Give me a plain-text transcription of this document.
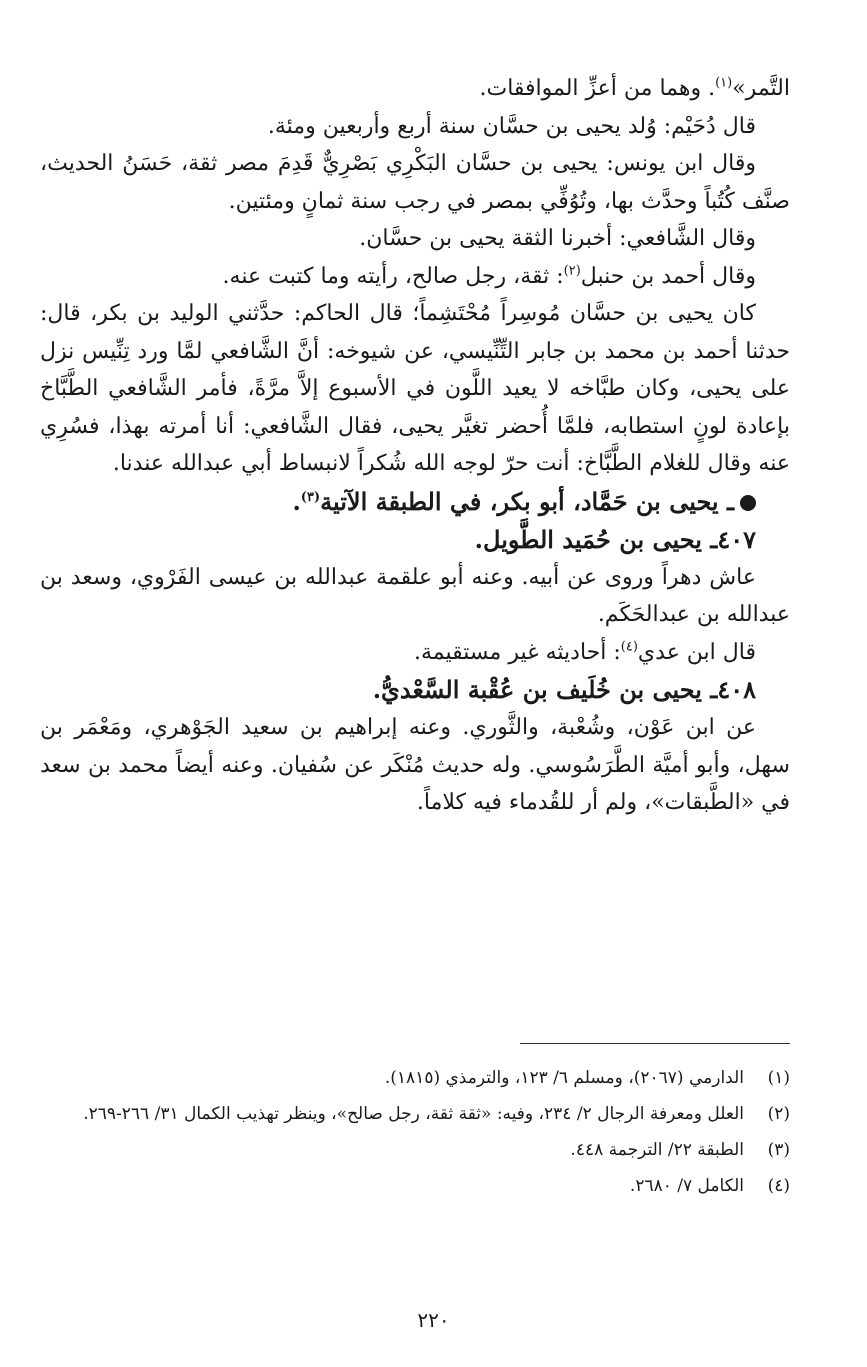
التَّمر»$^{(١)}$. وهما من أعزِّ الموافقات.

قال دُحَيْم: وُلد يحيى بن حسَّان سنة أربع وأربعين ومئة.

وقال ابن يونس: يحيى بن حسَّان البَكْرِي بَصْرِيٌّ قَدِمَ مصر ثقة، حَسَنُ الحديث، صنَّف كُتُباً وحدَّث بها، وتُوُفِّي بمصر في رجب سنة ثمانٍ ومئتين.

وقال الشَّافعي: أخبرنا الثقة يحيى بن حسَّان.

وقال أحمد بن حنبل$^{(٢)}$: ثقة، رجل صالح، رأيته وما كتبت عنه.

كان يحيى بن حسَّان مُوسِراً مُحْتَشِماً؛ قال الحاكم: حدَّثني الوليد بن بكر، قال: حدثنا أحمد بن محمد بن جابر التِّنِّيسي، عن شيوخه: أنَّ الشَّافعي لمَّا ورد تِنِّيس نزل على يحيى، وكان طبَّاخه لا يعيد اللَّون في الأسبوع إلاَّ مرَّةً، فأمر الشَّافعي الطَّبَّاخ بإعادة لونٍ استطابه، فلمَّا أُحضر تغيَّر يحيى، فقال الشَّافعي: أنا أمرته بهذا، فسُرِي عنه وقال للغلام الطَّبَّاخ: أنت حرّ لوجه الله شُكراً لانبساط أبي عبدالله عندنا.

ـ يحيى بن حَمَّاد، أبو بكر، في الطبقة الآتية$^{(٣)}$.

٤٠٧ـ يحيى بن حُمَيد الطَّويل.

عاش دهراً وروى عن أبيه. وعنه أبو علقمة عبدالله بن عيسى الفَرْوي، وسعد بن عبدالله بن عبدالحَكَم.

قال ابن عدي$^{(٤)}$: أحاديثه غير مستقيمة.

٤٠٨ـ يحيى بن خُلَيف بن عُقْبة السَّعْديُّ.

عن ابن عَوْن، وشُعْبة، والثَّوري. وعنه إبراهيم بن سعيد الجَوْهري، ومَعْمَر بن سهل، وأبو أميَّة الطَّرَسُوسي. وله حديث مُنْكَر عن سُفيان. وعنه أيضاً محمد بن سعد في «الطَّبقات»، ولم أر للقُدماء فيه كلاماً.

(١)
الدارمي (٢٠٦٧)، ومسلم ٦/ ١٢٣، والترمذي (١٨١٥).
(٢)
العلل ومعرفة الرجال ٢/ ٢٣٤، وفيه: «ثقة ثقة، رجل صالح»، وينظر تهذيب الكمال ٣١/ ٢٦٦-٢٦٩.
(٣)
الطبقة ٢٢/ الترجمة ٤٤٨.
(٤)
الكامل ٧/ ٢٦٨٠.
٢٢٠
